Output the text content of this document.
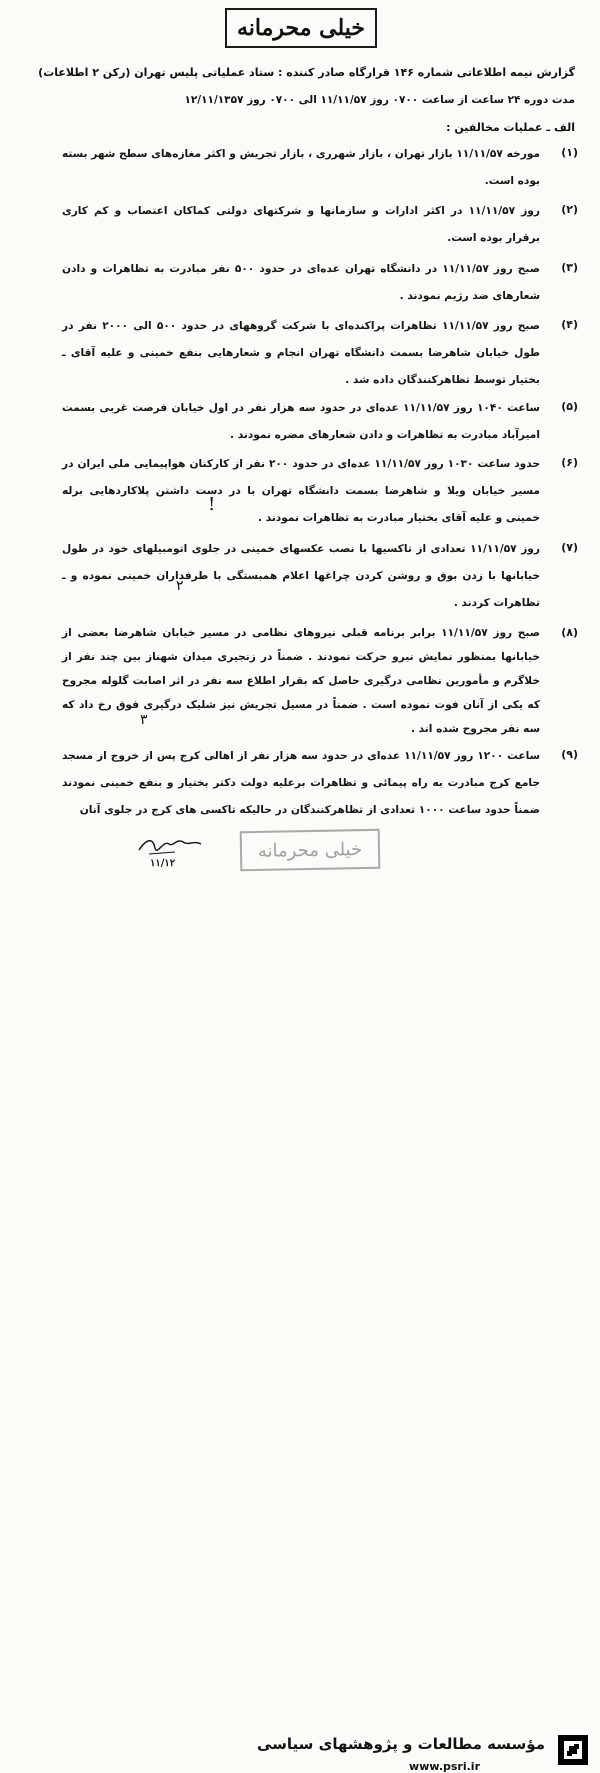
خیلی محرمانه
گزارش نیمه اطلاعاتی شماره ۱۴۶
قرارگاه صادر کننده : ستاد عملیاتی پلیس تهران (رکن ۲ اطلاعات)
مدت دوره ۲۴ ساعت از ساعت ۰۷۰۰ روز ۱۱/۱۱/۵۷ الی ۰۷۰۰ روز ۱۲/۱۱/۱۳۵۷
الف ـ عملیات مخالفین :
(۱)
مورخه ۱۱/۱۱/۵۷ بازار تهران ، بازار شهرری ، بازار تجریش و اکثر مغازه‌های سطح شهر بسته بوده است.
(۲)
روز ۱۱/۱۱/۵۷ در اکثر ادارات و سازمانها و شرکتهای دولتی کماکان اعتصاب و کم کاری برقرار بوده است.
(۳)
صبح روز ۱۱/۱۱/۵۷ در دانشگاه تهران عده‌ای در حدود ۵۰۰ نفر مبادرت به تظاهرات و دادن شعارهای ضد رژیم نمودند .
(۴)
صبح روز ۱۱/۱۱/۵۷ تظاهرات پراکنده‌ای با شرکت گروههای در حدود ۵۰۰ الی ۲۰۰۰ نفر در طول خیابان شاهرضا بسمت دانشگاه تهران انجام و شعارهایی بنفع خمینی و علیه آقای ـ بختیار توسط تظاهرکنندگان داده شد .
(۵)
ساعت ۱۰۴۰ روز ۱۱/۱۱/۵۷ عده‌ای در حدود سه هزار نفر در اول خیابان فرصت غربی بسمت امیرآباد مبادرت به تظاهرات و دادن شعارهای مضره نمودند .
(۶)
حدود ساعت ۱۰۳۰ روز ۱۱/۱۱/۵۷ عده‌ای در حدود ۲۰۰ نفر از کارکنان هواپیمایی ملی ایران در مسیر خیابان ویلا و شاهرضا بسمت دانشگاه تهران با در دست داشتن پلاکاردهایی برله خمینی و علیه آقای بختیار مبادرت به تظاهرات نمودند .
(۷)
روز ۱۱/۱۱/۵۷ تعدادی از تاکسیها با نصب عکسهای خمینی در جلوی اتومبیلهای خود در طول خیابانها با زدن بوق و روشن کردن چراغها اعلام همبستگی با طرفداران خمینی نموده و ـ تظاهرات کردند .
(۸)
صبح روز ۱۱/۱۱/۵۷ برابر برنامه قبلی نیروهای نظامی در مسیر خیابان شاهرضا بعضی از خیابانها بمنظور نمایش نیرو حرکت نمودند . ضمناً در زنجیری میدان شهناز بین چند نفر از خلاگرم و مأمورین نظامی درگیری حاصل که بقرار اطلاع سه نفر در اثر اصابت گلوله مجروح که یکی از آنان فوت نموده است . ضمناً در مسیل تجریش نیز شلیک درگیری فوق رخ داد که سه نفر مجروح شده اند .
(۹)
ساعت ۱۲۰۰ روز ۱۱/۱۱/۵۷ عده‌ای در حدود سه هزار نفر از اهالی کرج پس از خروج از مسجد جامع کرج مبادرت به راه پیمائی و تظاهرات برعلیه دولت دکتر بختیار و بنفع خمینی نمودند ضمناً حدود ساعت ۱۰۰۰ تعدادی از تظاهرکنندگان در حالیکه تاکسی های کرج در جلوی آنان
!
۲
۳
۱۱/۱۲
خیلی محرمانه
مؤسسه مطالعات و پژوهشهای سیاسی
www.psri.ir
